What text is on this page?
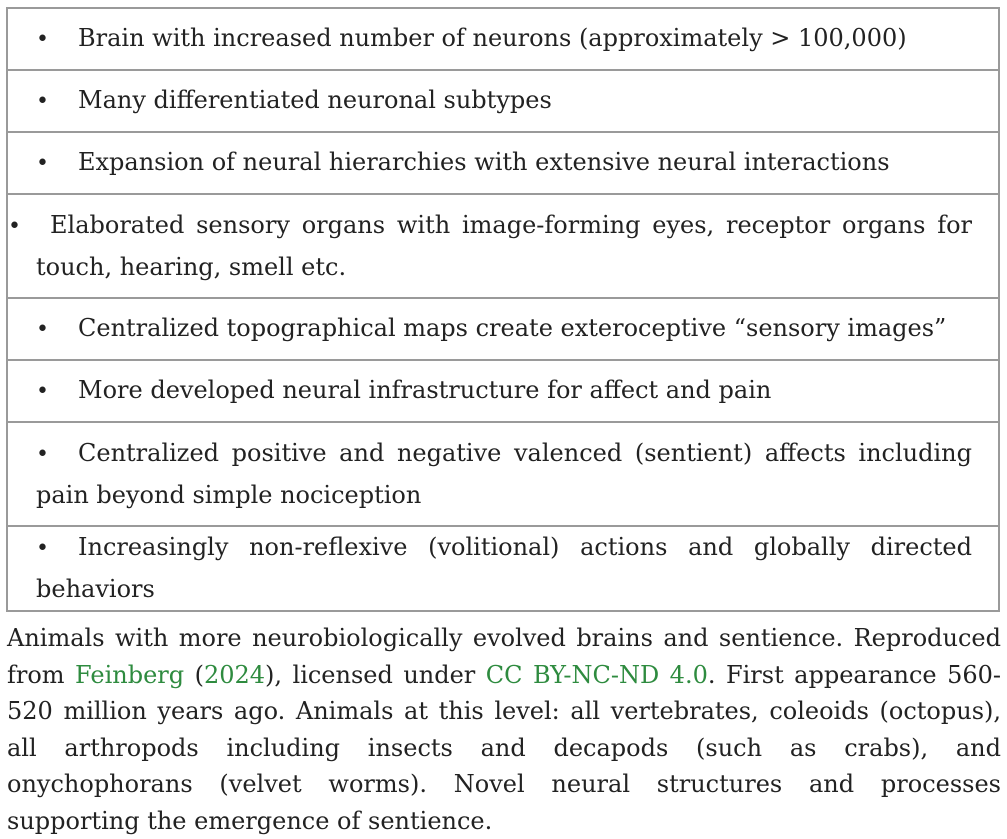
• Brain with increased number of neurons (approximately > 100,000)
• Many differentiated neuronal subtypes
• Expansion of neural hierarchies with extensive neural interactions
• Elaborated sensory organs with image-forming eyes, receptor organs for touch, hearing, smell etc.
• Centralized topographical maps create exteroceptive “sensory images”
• More developed neural infrastructure for affect and pain
• Centralized positive and negative valenced (sentient) affects including pain beyond simple nociception
• Increasingly non-reflexive (volitional) actions and globally directed behaviors

Animals with more neurobiologically evolved brains and sentience. Reproduced from Feinberg (2024), licensed under CC BY-NC-ND 4.0. First appearance 560-520 million years ago. Animals at this level: all vertebrates, coleoids (octopus), all arthropods including insects and decapods (such as crabs), and onychophorans (velvet worms). Novel neural structures and processes supporting the emergence of sentience.
